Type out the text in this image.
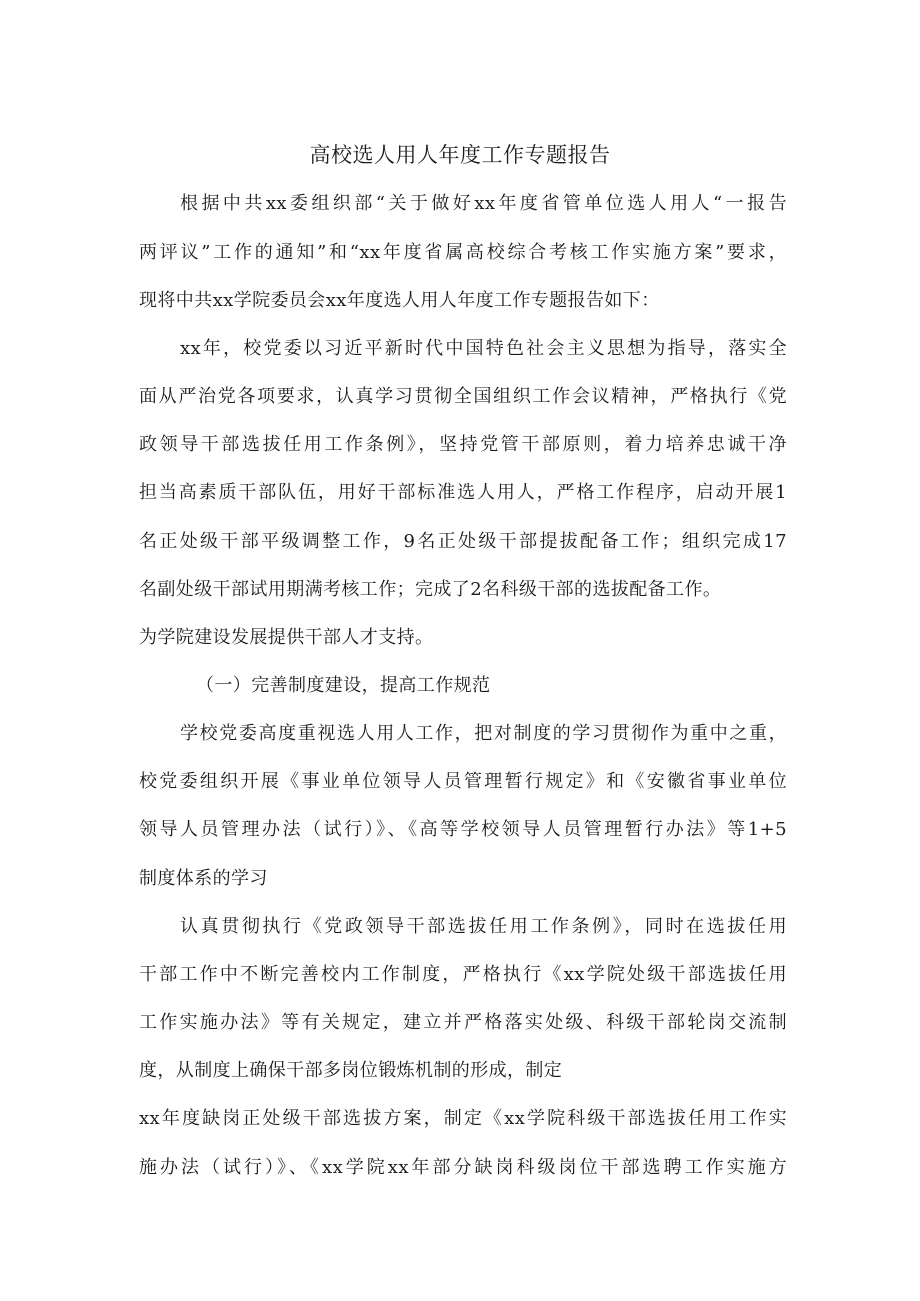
高校选人用人年度工作专题报告
根据中共xx委组织部“关于做好xx年度省管单位选人用人“一报告
两评议”工作的通知”和“xx年度省属高校综合考核工作实施方案”要求，
现将中共xx学院委员会xx年度选人用人年度工作专题报告如下：
xx年，校党委以习近平新时代中国特色社会主义思想为指导，落实全
面从严治党各项要求，认真学习贯彻全国组织工作会议精神，严格执行《党
政领导干部选拔任用工作条例》，坚持党管干部原则，着力培养忠诚干净
担当高素质干部队伍，用好干部标准选人用人，严格工作程序，启动开展1
名正处级干部平级调整工作，9名正处级干部提拔配备工作；组织完成17
名副处级干部试用期满考核工作；完成了2名科级干部的选拔配备工作。
为学院建设发展提供干部人才支持。
（一）完善制度建设，提高工作规范
学校党委高度重视选人用人工作，把对制度的学习贯彻作为重中之重，
校党委组织开展《事业单位领导人员管理暂行规定》和《安徽省事业单位
领导人员管理办法（试行）》、《高等学校领导人员管理暂行办法》等1+5
制度体系的学习
认真贯彻执行《党政领导干部选拔任用工作条例》，同时在选拔任用
干部工作中不断完善校内工作制度，严格执行《xx学院处级干部选拔任用
工作实施办法》等有关规定，建立并严格落实处级、科级干部轮岗交流制
度，从制度上确保干部多岗位锻炼机制的形成，制定
xx年度缺岗正处级干部选拔方案，制定《xx学院科级干部选拔任用工作实
施办法（试行）》、《xx学院xx年部分缺岗科级岗位干部选聘工作实施方
